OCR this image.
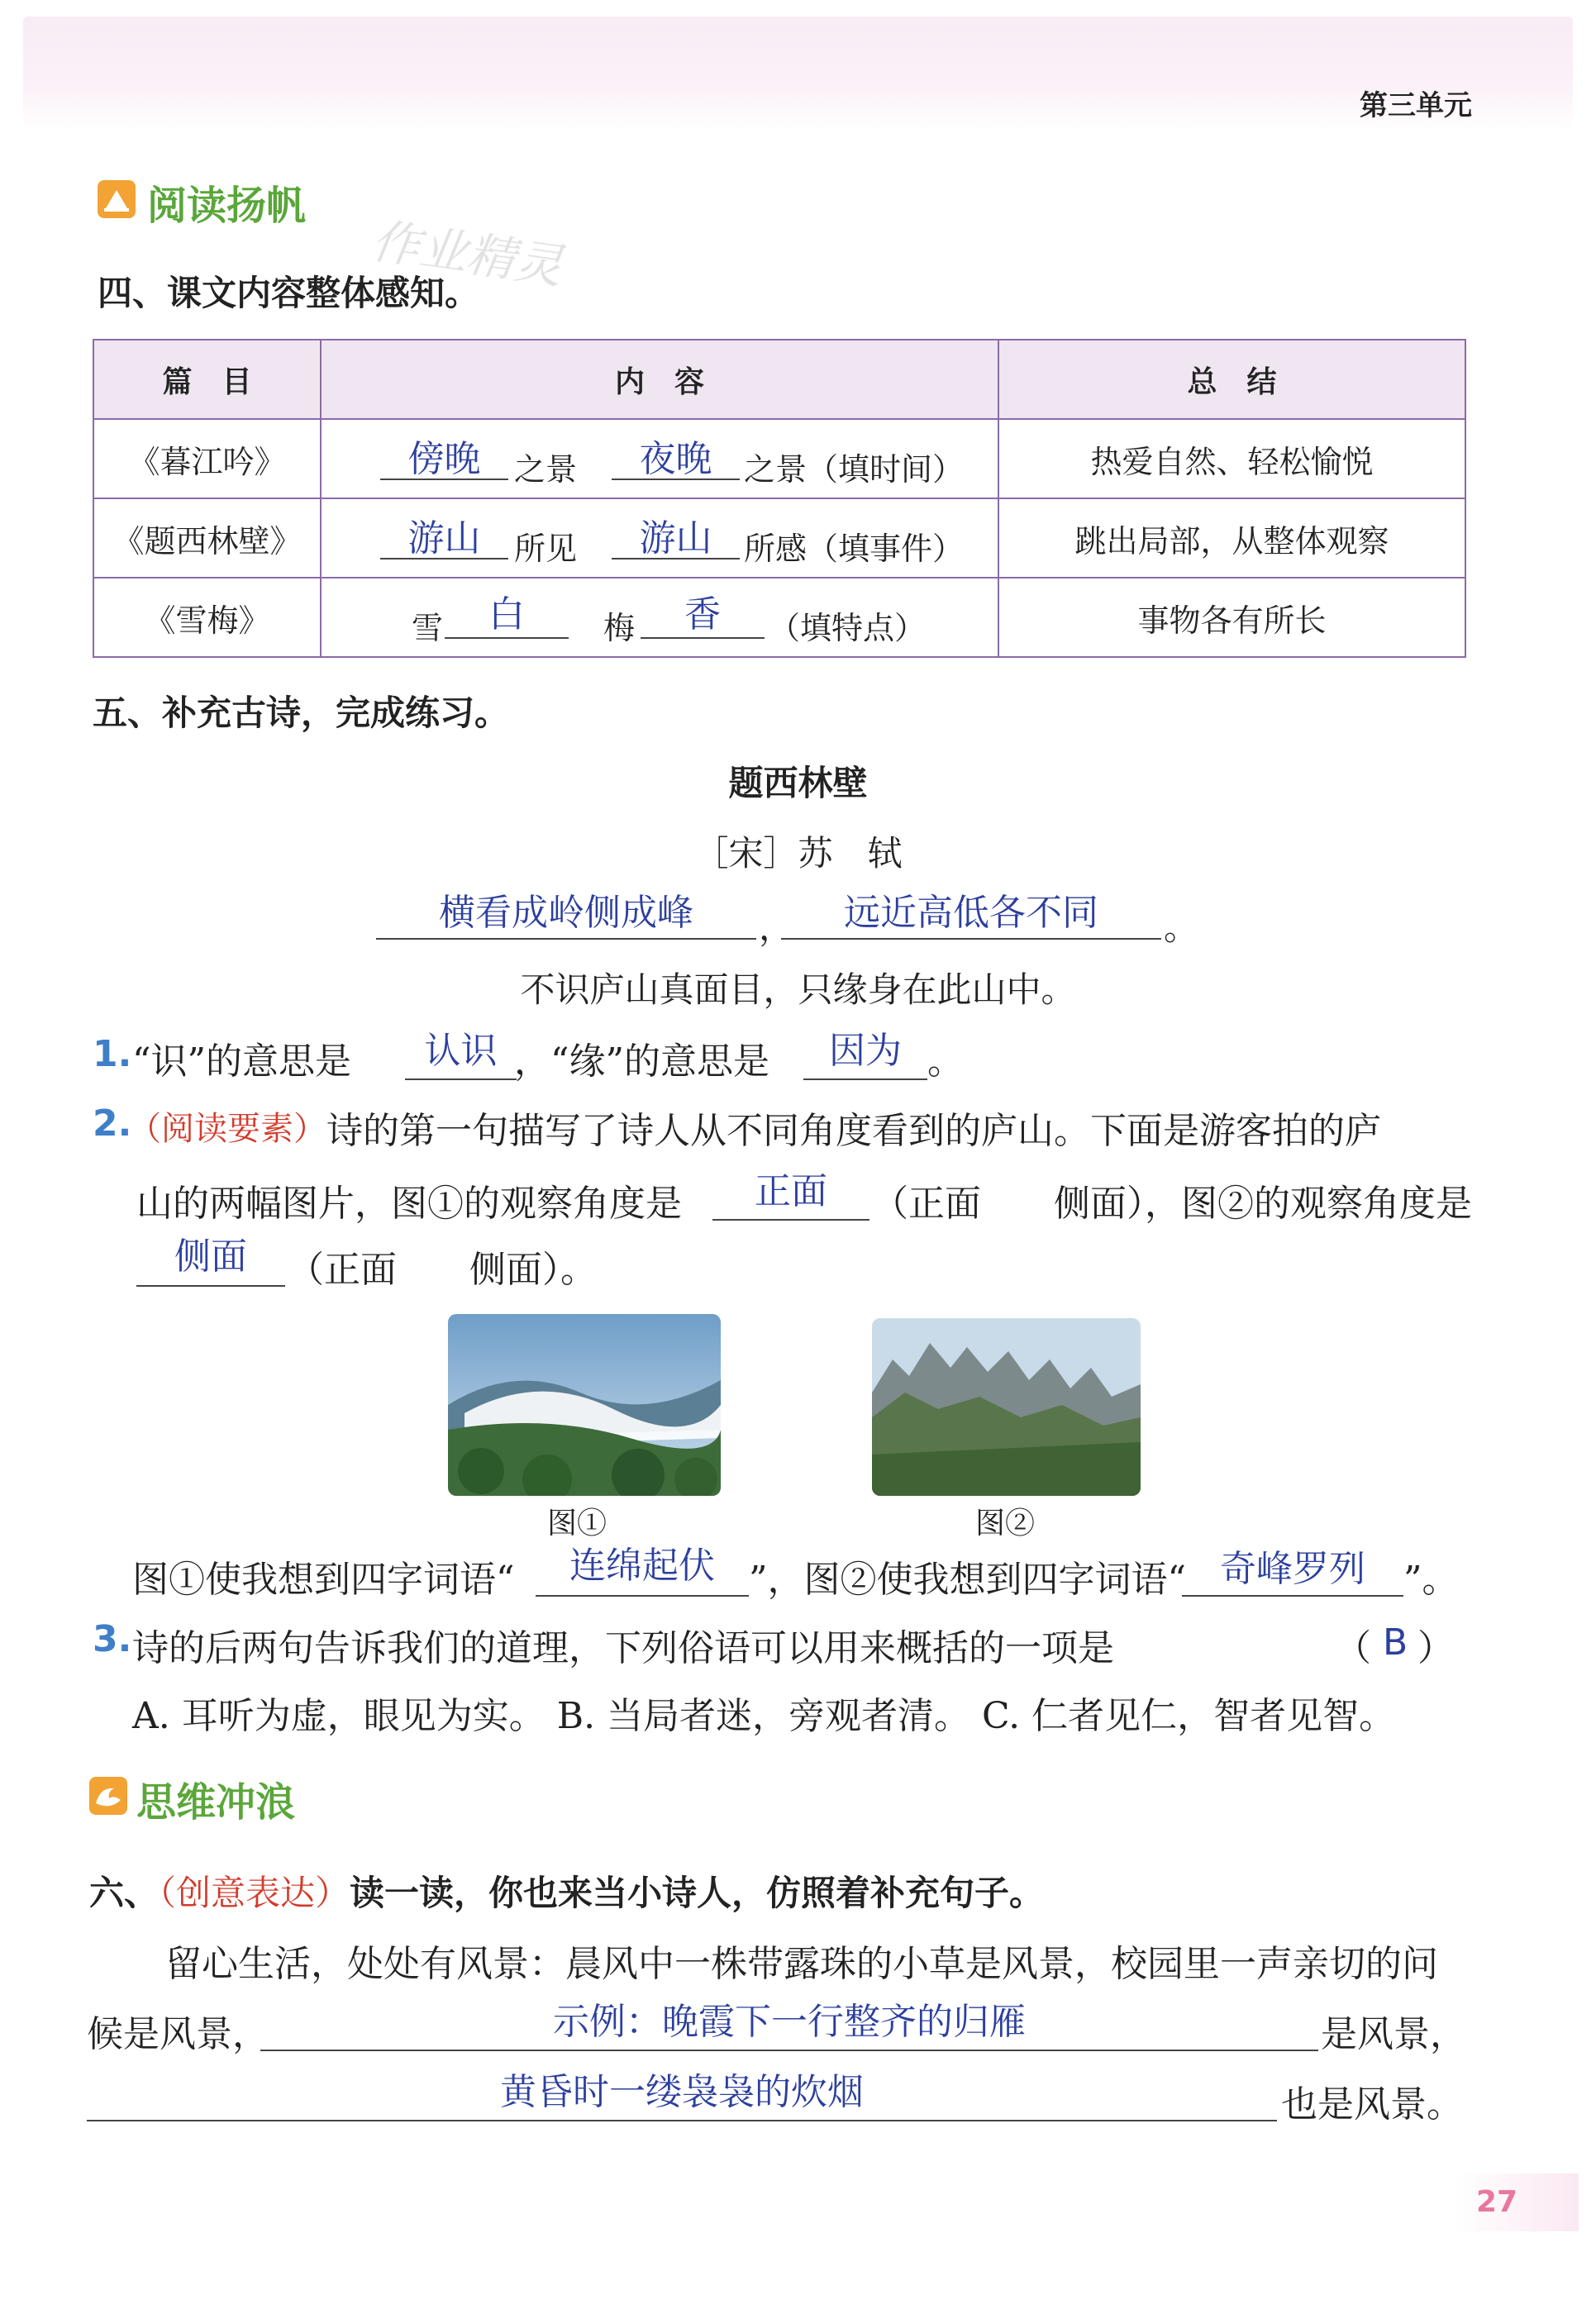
第三单元
阅读扬帆
作业精灵
四、课文内容整体感知。
篇　目	内　容	总　结
《暮江吟》	傍晚 之景 夜晚 之景（填时间）	热爱自然、轻松愉悦
《题西林壁》	游山 所见 游山 所感（填事件）	跳出局部，从整体观察
《雪梅》	雪 白 梅 香 （填特点）	事物各有所长
五、补充古诗，完成练习。
题西林壁
［宋］苏　轼
横看成岭侧成峰	，	远近高低各不同	。
不识庐山真面目，只缘身在此山中。
1. “识”的意思是	认识 ，“缘”的意思是	因为 。
2.
（阅读要素） 诗的第一句描写了诗人从不同角度看到的庐山。下面是游客拍的庐
山的两幅图片，图①的观察角度是	正面	（正面　　侧面），图②的观察角度是
侧面	（正面　　侧面）。
图①	图②
图①使我想到四字词语“	连绵起伏 ”，图②使我想到四字词语“ 奇峰罗列	”。
3. 诗的后两句告诉我们的道理，下列俗语可以用来概括的一项是	（ B ）
A. 耳听为虚，眼见为实。 B. 当局者迷，旁观者清。 C. 仁者见仁，智者见智。
思维冲浪
六、（创意表达）读一读，你也来当小诗人，仿照着补充句子。
留心生活，处处有风景：晨风中一株带露珠的小草是风景，校园里一声亲切的问
候是风景，	示例：晚霞下一行整齐的归雁	是风景，
黄昏时一缕袅袅的炊烟	也是风景。
27
